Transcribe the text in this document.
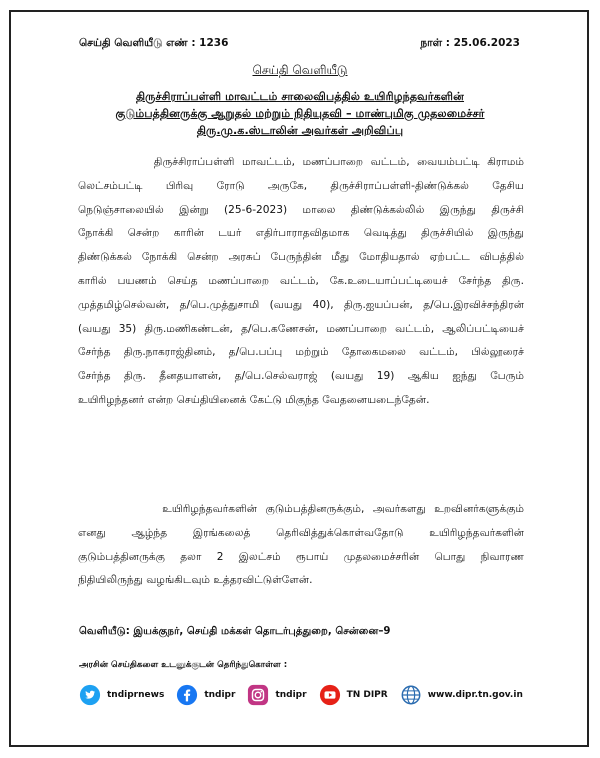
செய்தி வெளியீடு எண் : 1236	நாள் : 25.06.2023
செய்தி வெளியீடு
திருச்சிராப்பள்ளி மாவட்டம் சாலைவிபத்தில் உயிரிழந்தவர்களின்
குடும்பத்தினருக்கு ஆறுதல் மற்றும் நிதியுதவி – மாண்புமிகு முதலமைச்சர்
திரு.மு.க.ஸ்டாலின் அவர்கள் அறிவிப்பு
திருச்சிராப்பள்ளி மாவட்டம், மணப்பாறை வட்டம், வையம்பட்டி கிராமம்
லெட்சம்பட்டி பிரிவு ரோடு அருகே, திருச்சிராப்பள்ளி-திண்டுக்கல் தேசிய
நெடுஞ்சாலையில் இன்று (25-6-2023) மாலை திண்டுக்கல்லில் இருந்து திருச்சி
நோக்கி சென்ற காரின் டயர் எதிர்பாராதவிதமாக வெடித்து திருச்சியில் இருந்து
திண்டுக்கல் நோக்கி சென்ற அரசுப் பேருந்தின் மீது மோதியதால் ஏற்பட்ட விபத்தில்
காரில் பயணம் செய்த மணப்பாறை வட்டம், கே.உடையாப்பட்டியைச் சேர்ந்த திரு.
முத்தமிழ்செல்வன், த/பெ.முத்துசாமி (வயது 40), திரு.ஐயப்பன், த/பெ.இரவிச்சந்திரன்
(வயது 35) திரு.மணிகண்டன், த/பெ.கணேசன், மணப்பாறை வட்டம், ஆலிப்பட்டியைச்
சேர்ந்த திரு.நாகராஜ்தினம், த/பெ.பப்பு மற்றும் தோகைமலை வட்டம், பில்லூரைச்
சேர்ந்த திரு. தீனதயாளன், த/பெ.செல்வராஜ் (வயது 19) ஆகிய ஐந்து பேரும்
உயிரிழந்தனர் என்ற செய்தியினைக் கேட்டு மிகுந்த வேதனையடைந்தேன்.
உயிரிழந்தவர்களின் குடும்பத்தினருக்கும், அவர்களது உறவினர்களுக்கும்
எனது ஆழ்ந்த இரங்கலைத் தெரிவித்துக்கொள்வதோடு உயிரிழந்தவர்களின்
குடும்பத்தினருக்கு தலா 2 இலட்சம் ரூபாய் முதலமைச்சரின் பொது நிவாரண
நிதியிலிருந்து வழங்கிடவும் உத்தரவிட்டுள்ளேன்.
வெளியீடு: இயக்குநர், செய்தி மக்கள் தொடர்புத்துறை, சென்னை–9
அரசின் செய்திகளை உடனுக்குடன் தெரிந்துகொள்ள :
tndiprnews	tndipr	tndipr	TN DIPR	www.dipr.tn.gov.in
